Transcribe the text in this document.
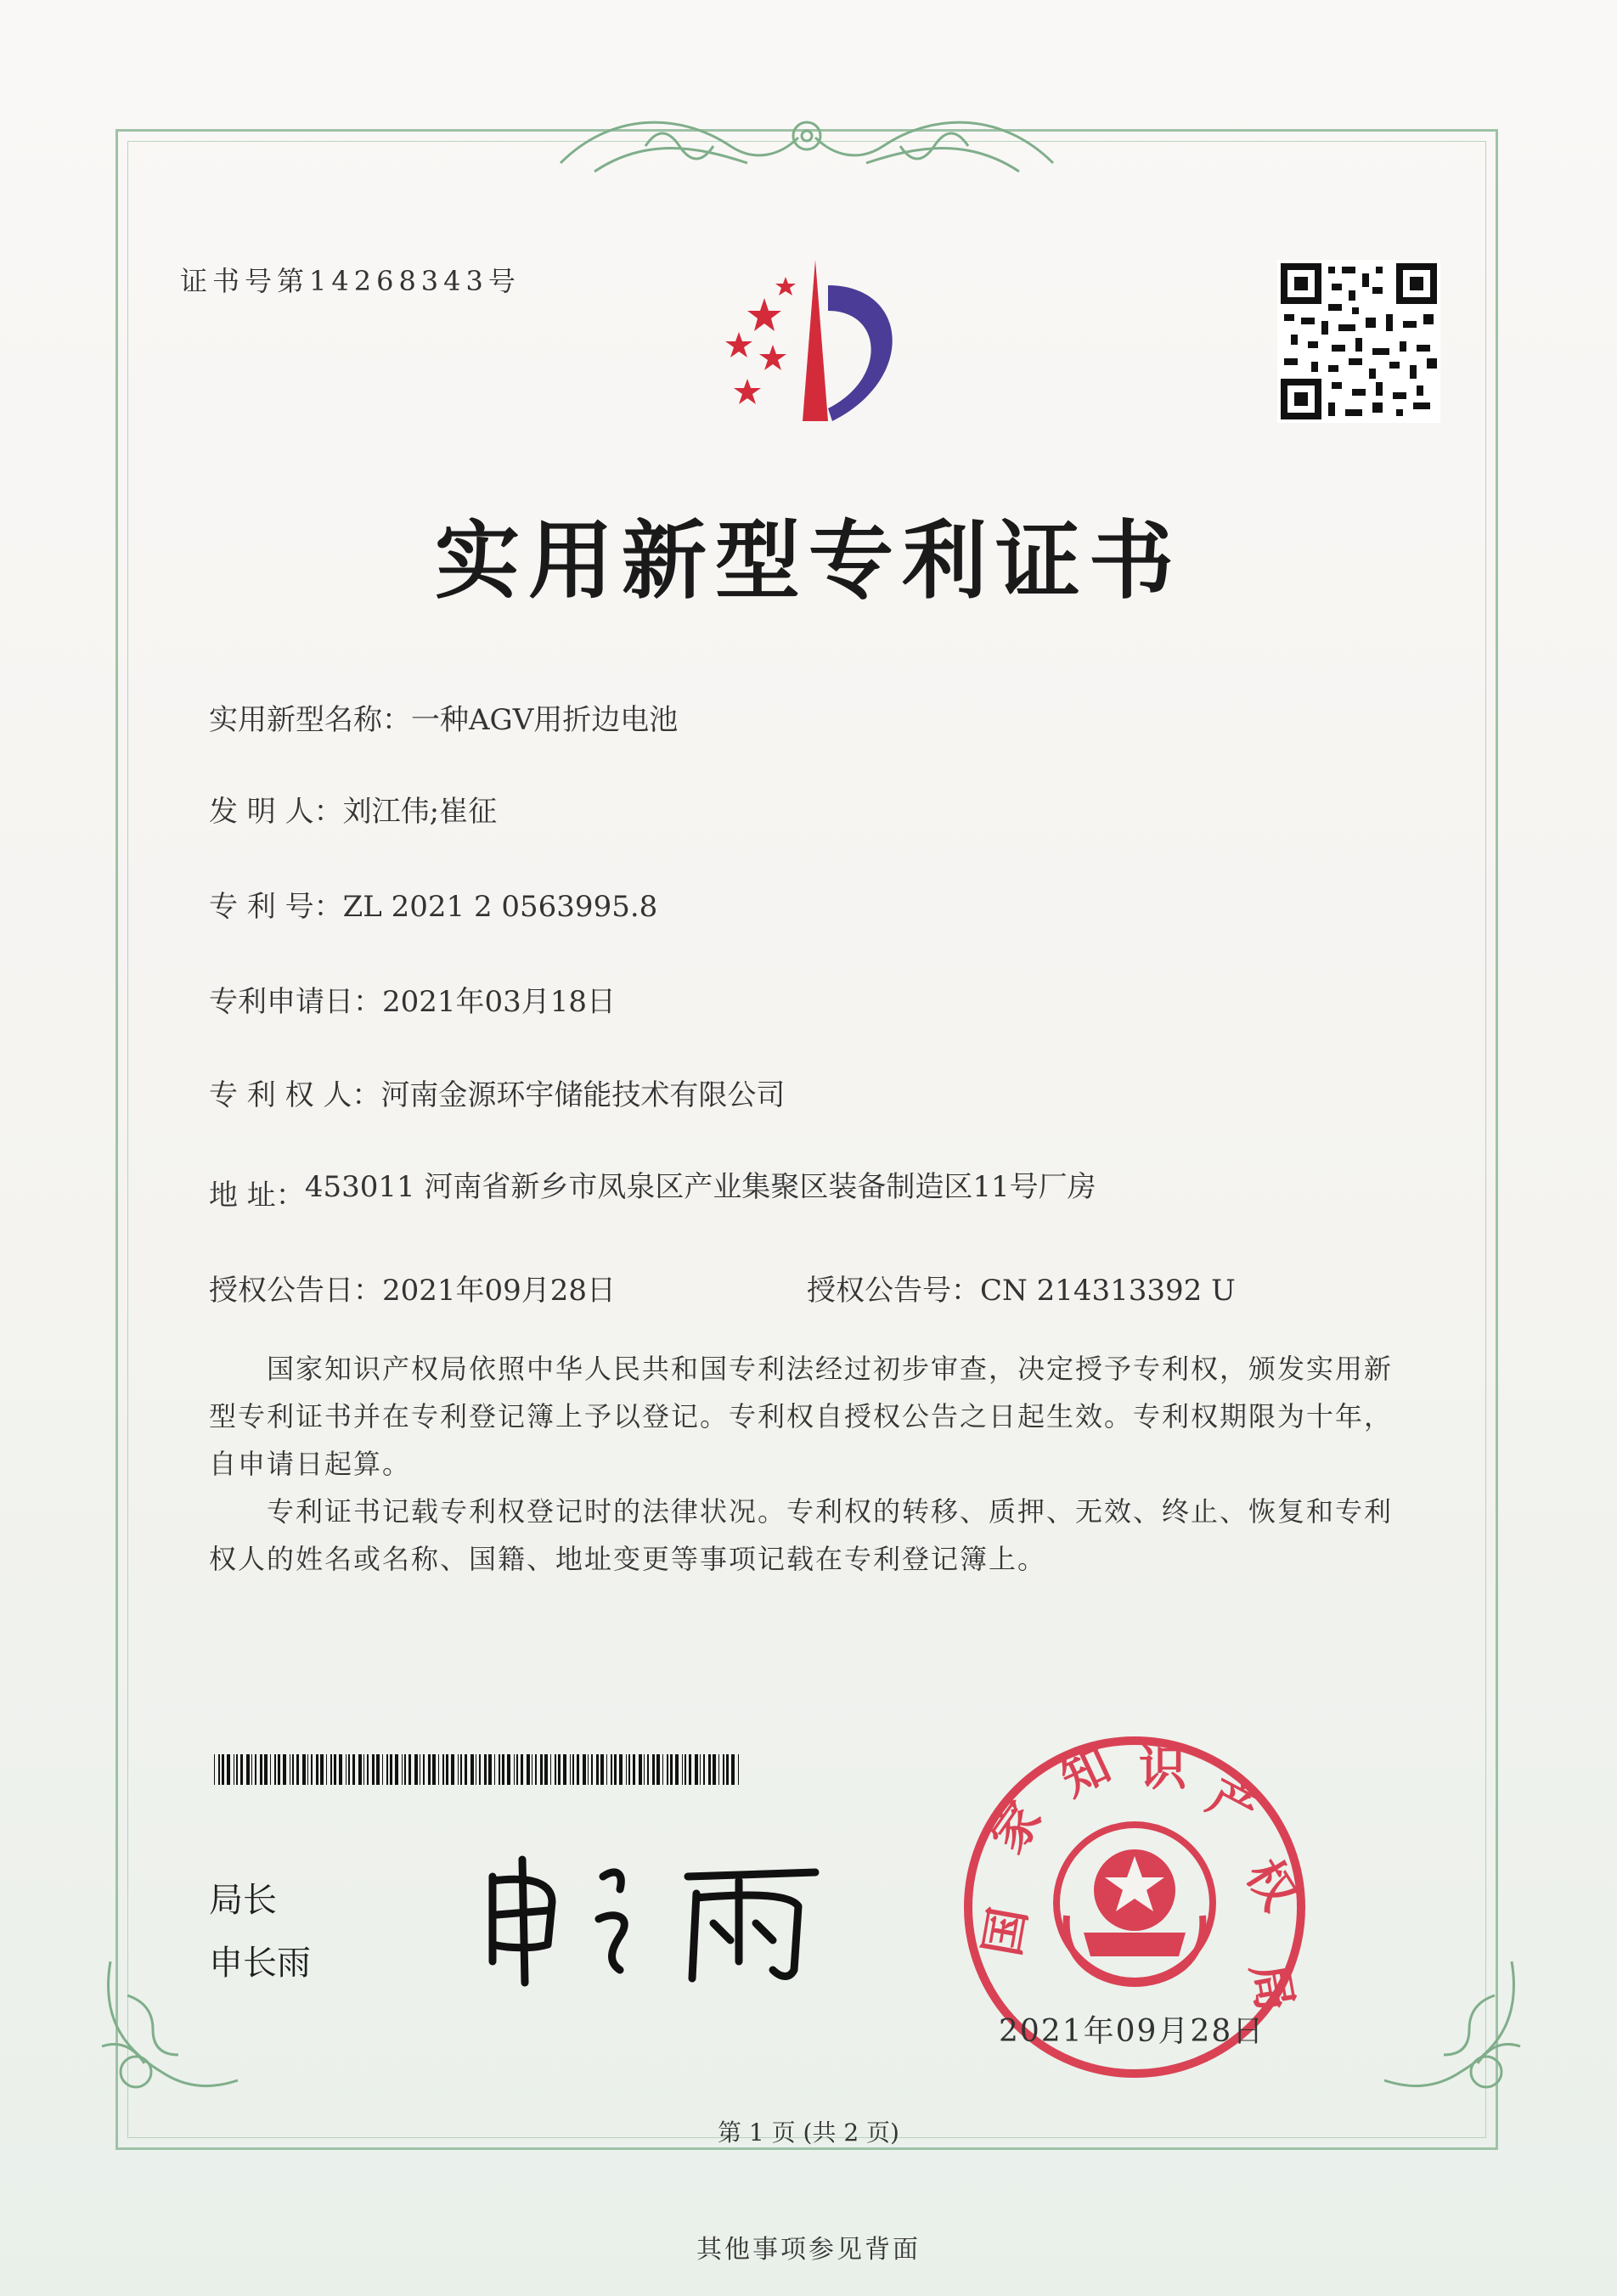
证书号第14268343号
实用新型专利证书
实用新型名称：一种AGV用折边电池
发 明 人：刘江伟;崔征
专 利 号：ZL 2021 2 0563995.8
专利申请日：2021年03月18日
专 利 权 人：河南金源环宇储能技术有限公司
地 址：453011 河南省新乡市凤泉区产业集聚区装备制造区11号厂房
授权公告日：2021年09月28日	授权公告号：CN 214313392 U
国家知识产权局依照中华人民共和国专利法经过初步审查，决定授予专利权，颁发实用新型专利证书并在专利登记簿上予以登记。专利权自授权公告之日起生效。专利权期限为十年，自申请日起算。
专利证书记载专利权登记时的法律状况。专利权的转移、质押、无效、终止、恢复和专利权人的姓名或名称、国籍、地址变更等事项记载在专利登记簿上。
局长
申长雨
国
家
知 识 产
权
局
2021年09月28日
第 1 页 (共 2 页)
其他事项参见背面
